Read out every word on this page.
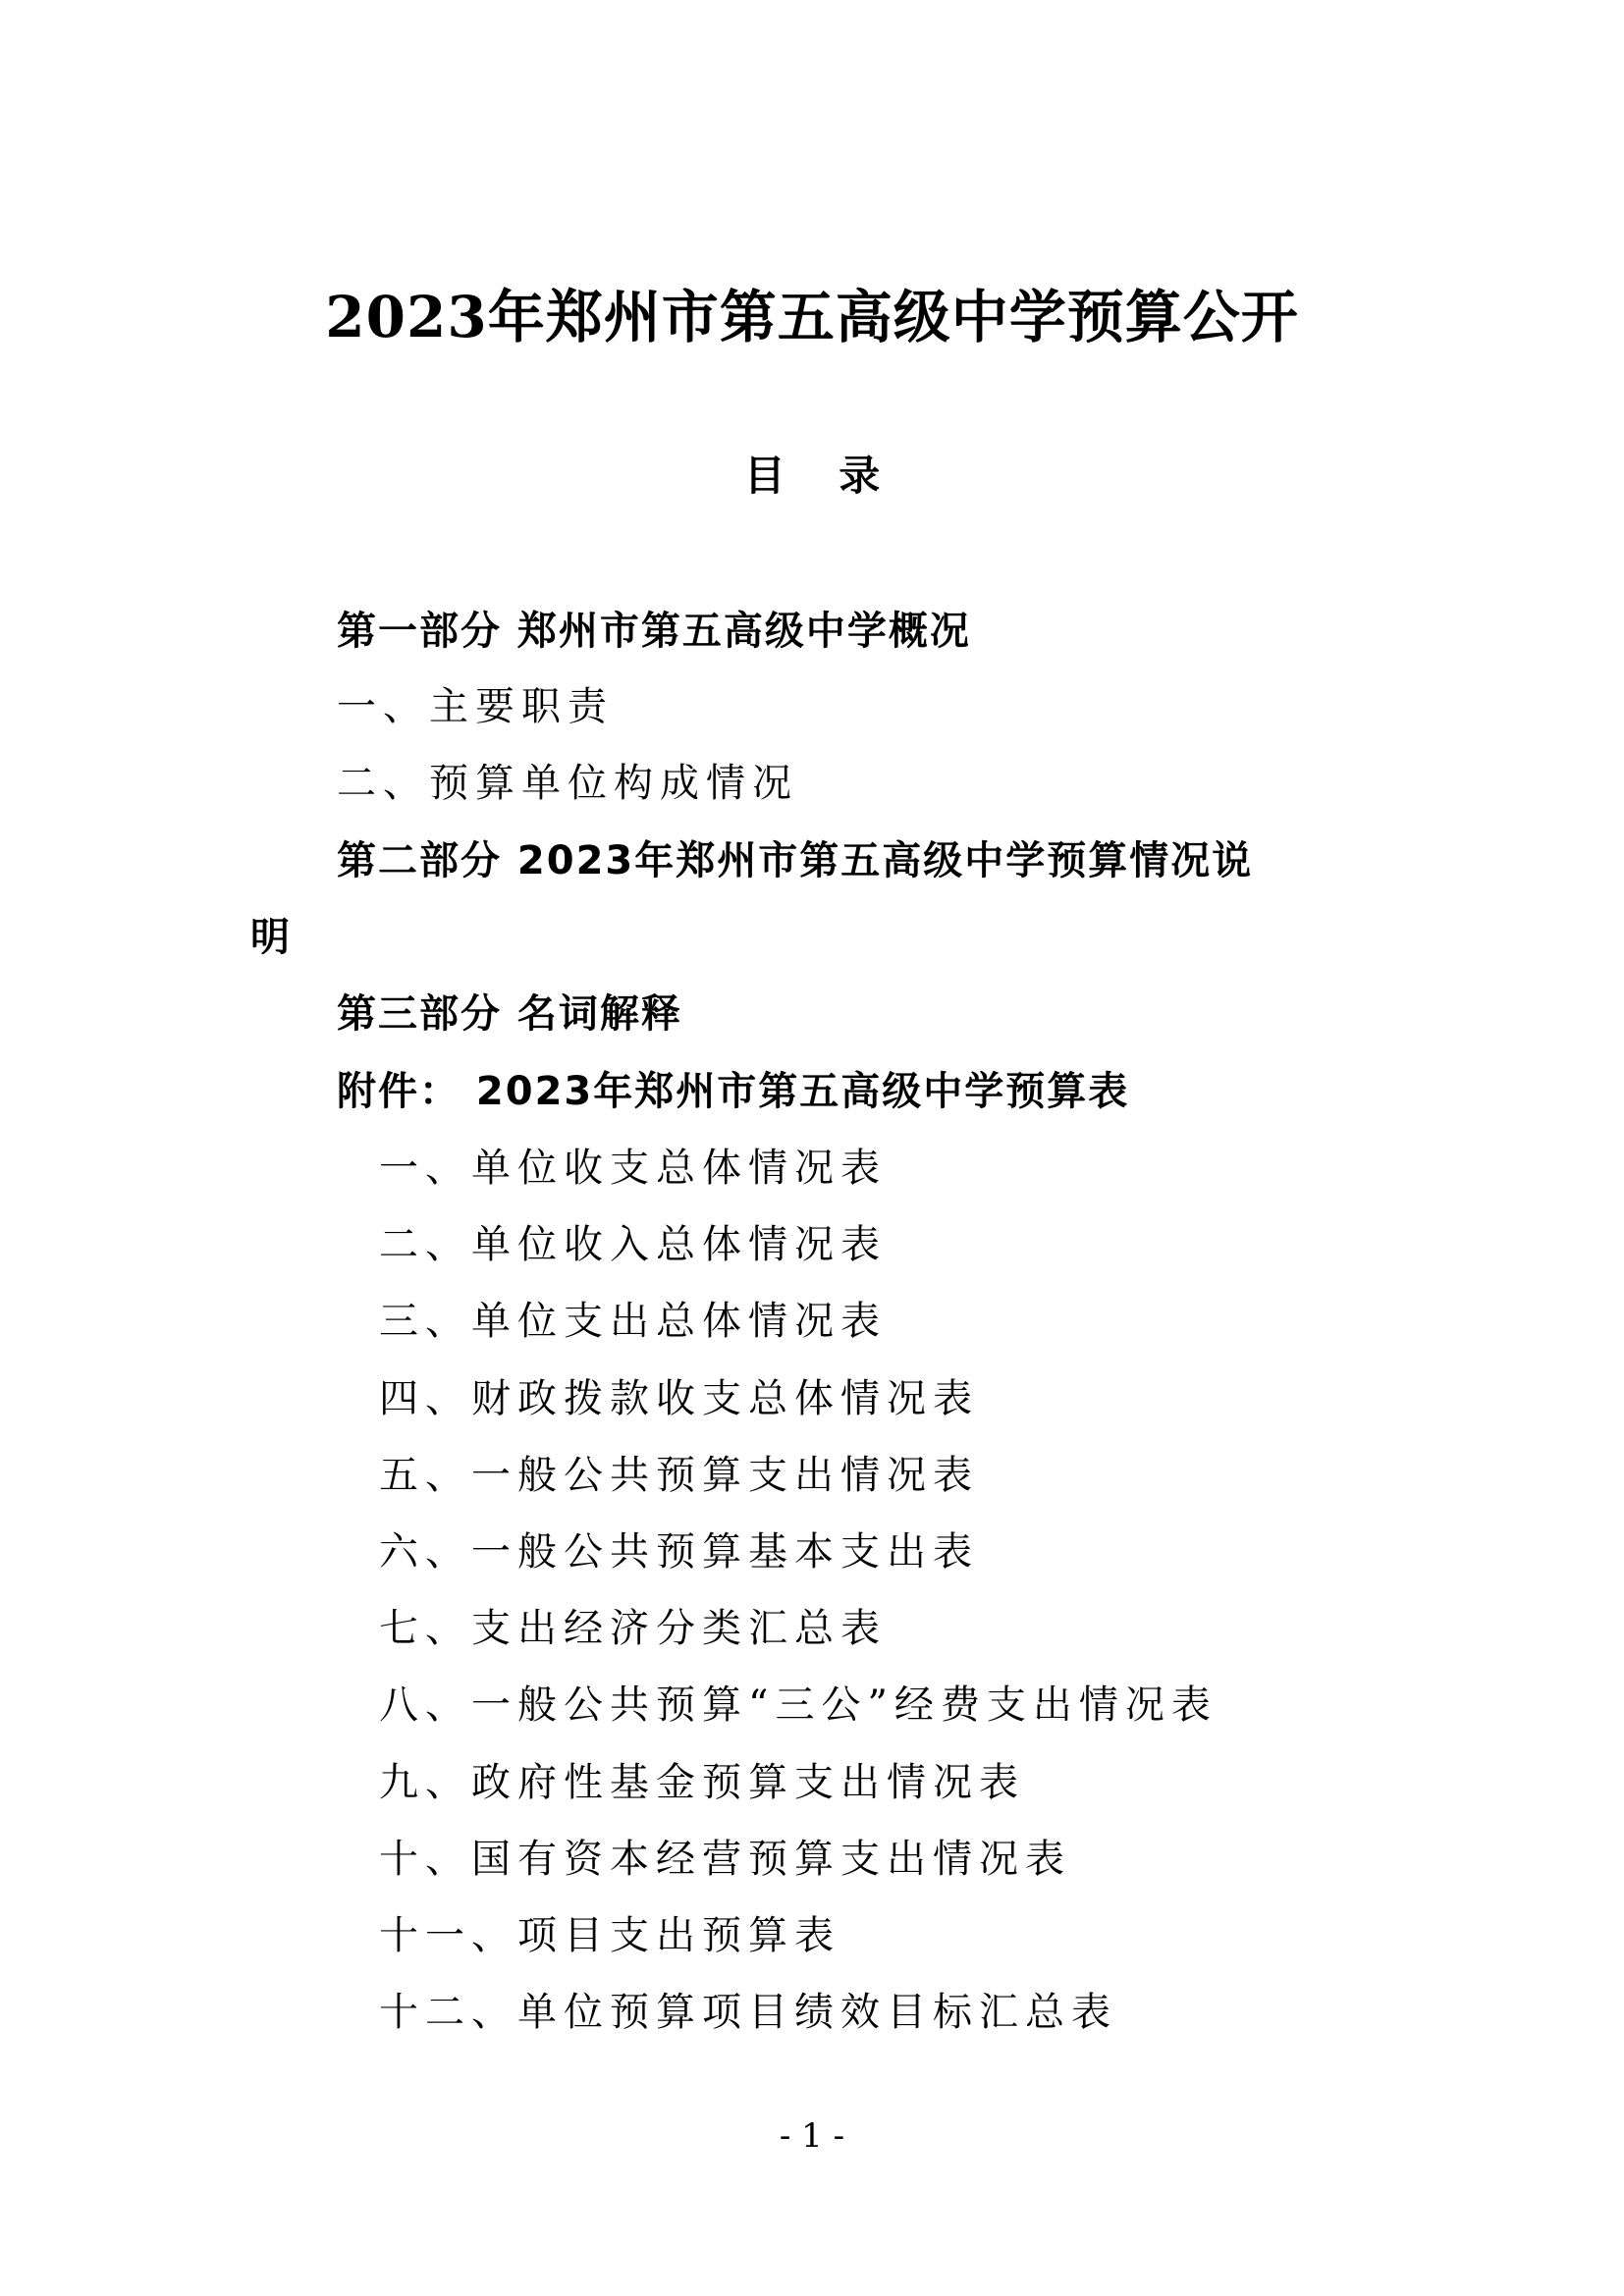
2023年郑州市第五高级中学预算公开
目 录
第一部分 郑州市第五高级中学概况
一、主要职责
二、预算单位构成情况
第二部分 2023年郑州市第五高级中学预算情况说
明
第三部分 名词解释
附件： 2023年郑州市第五高级中学预算表
一、单位收支总体情况表
二、单位收入总体情况表
三、单位支出总体情况表
四、财政拨款收支总体情况表
五、一般公共预算支出情况表
六、一般公共预算基本支出表
七、支出经济分类汇总表
八、一般公共预算“三公”经费支出情况表
九、政府性基金预算支出情况表
十、国有资本经营预算支出情况表
十一、项目支出预算表
十二、单位预算项目绩效目标汇总表
- 1 -
